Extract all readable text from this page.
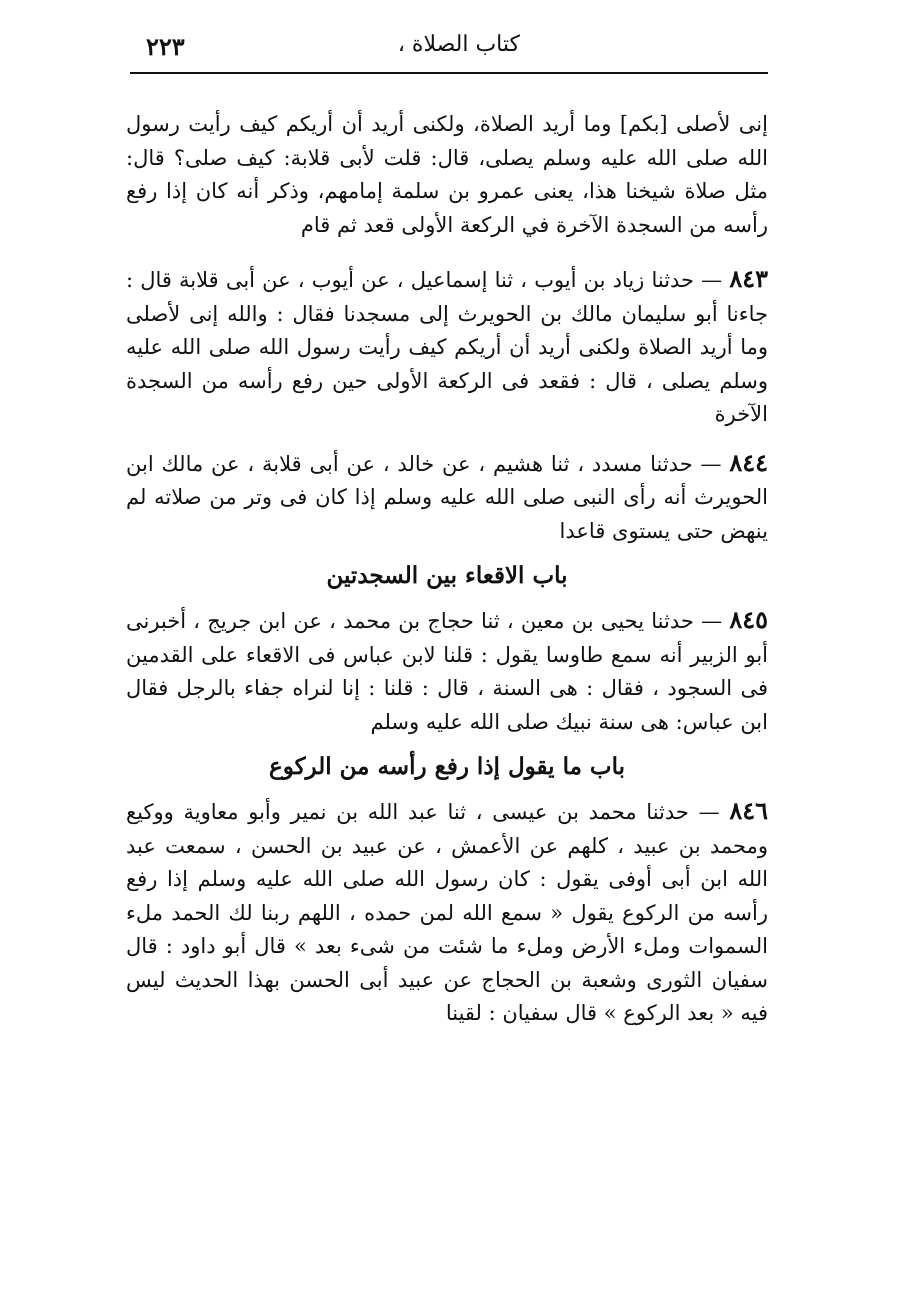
كتاب الصلاة ،
٢٢٣

إنى لأصلى [بكم] وما أريد الصلاة، ولكنى أريد أن أريكم كيف رأيت رسول الله صلى الله عليه وسلم يصلى، قال: قلت لأبى قلابة: كيف صلى؟ قال: مثل صلاة شيخنا هذا، يعنى عمرو بن سلمة إمامهم، وذكر أنه كان إذا رفع رأسه من السجدة الآخرة في الركعة الأولى قعد ثم قام

٨٤٣ — حدثنا زياد بن أيوب ، ثنا إسماعيل ، عن أيوب ، عن أبى قلابة قال : جاءنا أبو سليمان مالك بن الحويرث إلى مسجدنا فقال : والله إنى لأصلى وما أريد الصلاة ولكنى أريد أن أريكم كيف رأيت رسول الله صلى الله عليه وسلم يصلى ، قال : فقعد فى الركعة الأولى حين رفع رأسه من السجدة الآخرة

٨٤٤ — حدثنا مسدد ، ثنا هشيم ، عن خالد ، عن أبى قلابة ، عن مالك ابن الحويرث أنه رأى النبى صلى الله عليه وسلم إذا كان فى وتر من صلاته لم ينهض حتى يستوى قاعدا

باب الاقعاء بين السجدتين

٨٤٥ — حدثنا يحيى بن معين ، ثنا حجاج بن محمد ، عن ابن جريج ، أخبرنى أبو الزبير أنه سمع طاوسا يقول : قلنا لابن عباس فى الاقعاء على القدمين فى السجود ، فقال : هى السنة ، قال : قلنا : إنا لنراه جفاء بالرجل فقال ابن عباس: هى سنة نبيك صلى الله عليه وسلم

باب ما يقول إذا رفع رأسه من الركوع

٨٤٦ — حدثنا محمد بن عيسى ، ثنا عبد الله بن نمير وأبو معاوية ووكيع ومحمد بن عبيد ، كلهم عن الأعمش ، عن عبيد بن الحسن ، سمعت عبد الله ابن أبى أوفى يقول : كان رسول الله صلى الله عليه وسلم إذا رفع رأسه من الركوع يقول « سمع الله لمن حمده ، اللهم ربنا لك الحمد ملء السموات وملء الأرض وملء ما شئت من شىء بعد » قال أبو داود : قال سفيان الثورى وشعبة بن الحجاج عن عبيد أبى الحسن بهذا الحديث ليس فيه « بعد الركوع » قال سفيان : لقينا
